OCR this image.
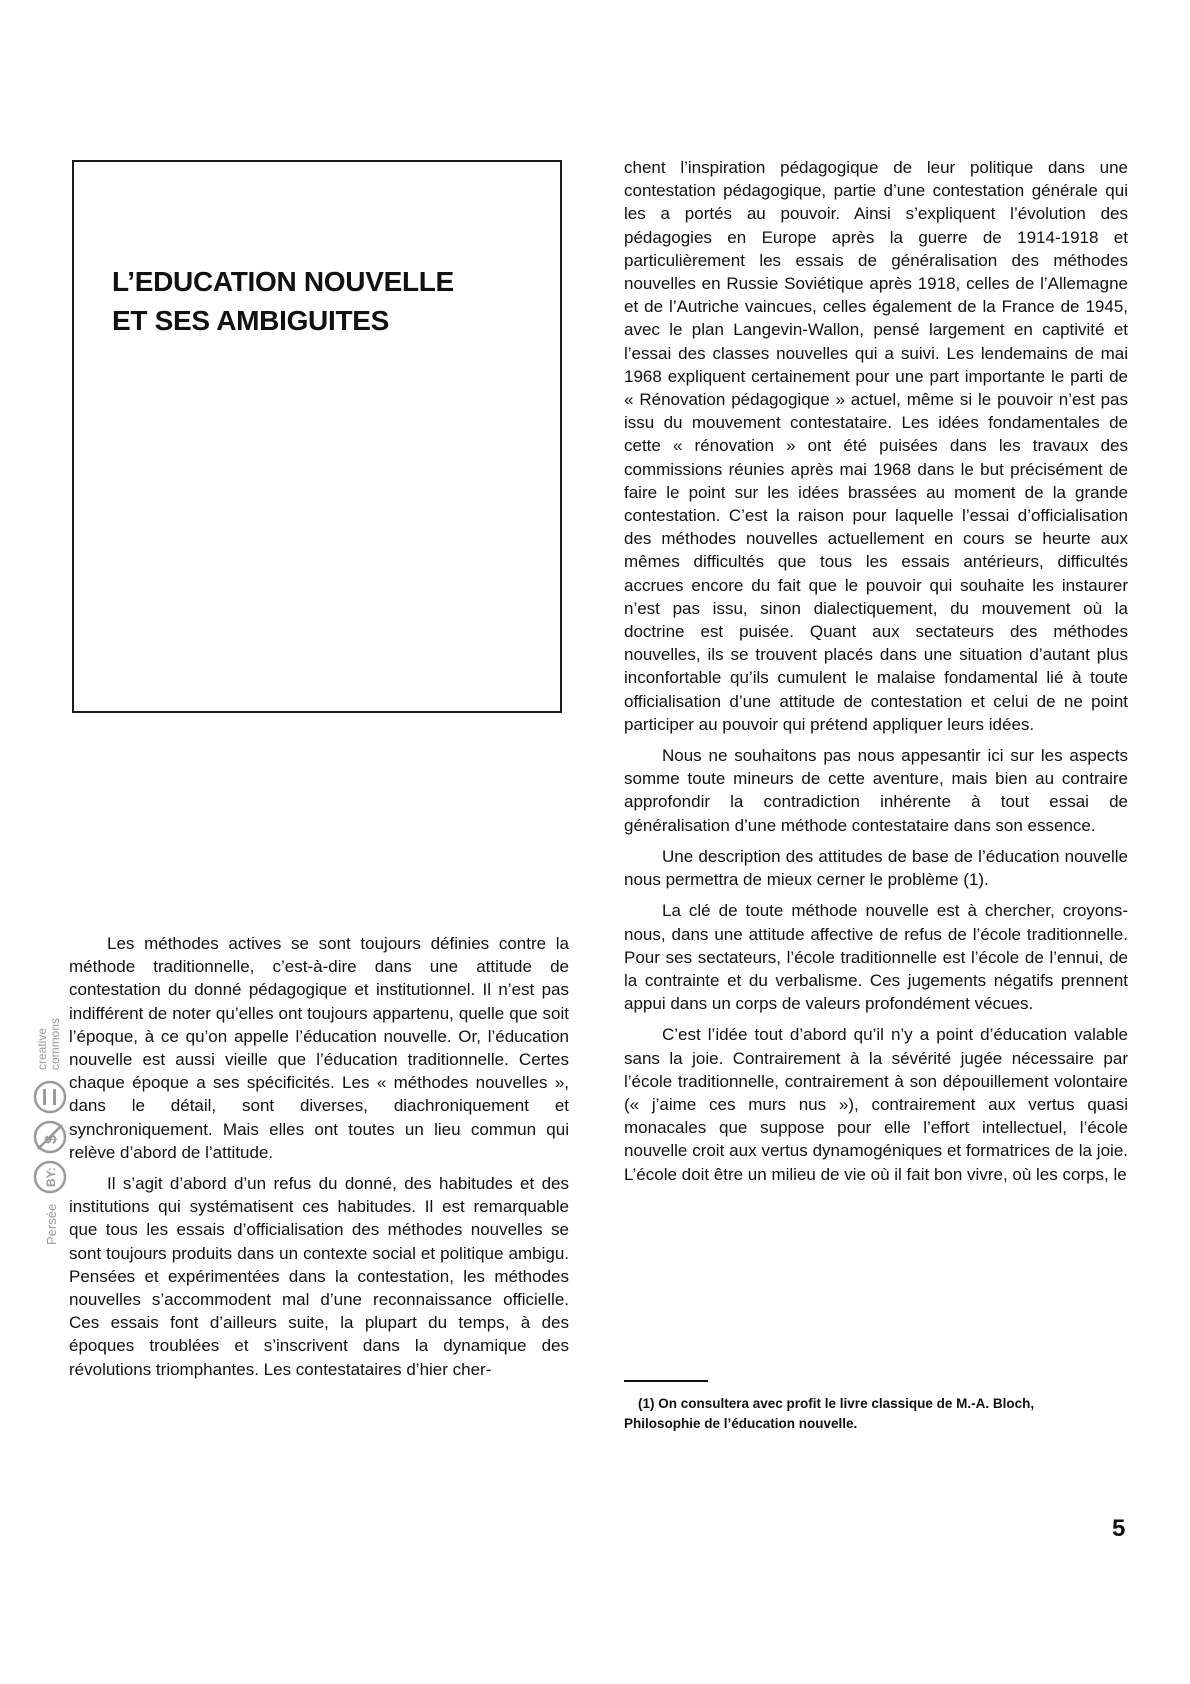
L’EDUCATION NOUVELLE
ET SES AMBIGUITES
Persée
BY:
$
creative commons

Les méthodes actives se sont toujours définies contre la méthode traditionnelle, c’est-à-dire dans une attitude de contestation du donné pédagogique et institutionnel. Il n’est pas indifférent de noter qu’elles ont toujours appartenu, quelle que soit l’époque, à ce qu’on appelle l’éducation nouvelle. Or, l’éducation nouvelle est aussi vieille que l’éducation traditionnelle. Certes chaque époque a ses spécificités. Les « méthodes nouvelles », dans le détail, sont diverses, diachroniquement et synchroniquement. Mais elles ont toutes un lieu commun qui relève d’abord de l’attitude.

Il s’agit d’abord d’un refus du donné, des habitudes et des institutions qui systématisent ces habitudes. Il est remarquable que tous les essais d’officialisation des méthodes nouvelles se sont toujours produits dans un contexte social et politique ambigu. Pensées et expérimentées dans la contestation, les méthodes nouvelles s’accommodent mal d’une reconnaissance officielle. Ces essais font d’ailleurs suite, la plupart du temps, à des époques troublées et s’inscrivent dans la dynamique des révolutions triomphantes. Les contestataires d’hier cher-

chent l’inspiration pédagogique de leur politique dans une contestation pédagogique, partie d’une contestation générale qui les a portés au pouvoir. Ainsi s’expliquent l’évolution des pédagogies en Europe après la guerre de 1914-1918 et particulièrement les essais de généralisation des méthodes nouvelles en Russie Soviétique après 1918, celles de l’Allemagne et de l’Autriche vaincues, celles également de la France de 1945, avec le plan Langevin-Wallon, pensé largement en captivité et l’essai des classes nouvelles qui a suivi. Les lendemains de mai 1968 expliquent certainement pour une part importante le parti de « Rénovation pédagogique » actuel, même si le pouvoir n’est pas issu du mouvement contestataire. Les idées fondamentales de cette « rénovation » ont été puisées dans les travaux des commissions réunies après mai 1968 dans le but précisément de faire le point sur les idées brassées au moment de la grande contestation. C’est la raison pour laquelle l’essai d’officialisation des méthodes nouvelles actuellement en cours se heurte aux mêmes difficultés que tous les essais antérieurs, difficultés accrues encore du fait que le pouvoir qui souhaite les instaurer n’est pas issu, sinon dialectiquement, du mouvement où la doctrine est puisée. Quant aux sectateurs des méthodes nouvelles, ils se trouvent placés dans une situation d’autant plus inconfortable qu’ils cumulent le malaise fondamental lié à toute officialisation d’une attitude de contestation et celui de ne point participer au pouvoir qui prétend appliquer leurs idées.

Nous ne souhaitons pas nous appesantir ici sur les aspects somme toute mineurs de cette aventure, mais bien au contraire approfondir la contradiction inhérente à tout essai de généralisation d’une méthode contestataire dans son essence.

Une description des attitudes de base de l’éducation nouvelle nous permettra de mieux cerner le problème (1).

La clé de toute méthode nouvelle est à chercher, croyons-nous, dans une attitude affective de refus de l’école traditionnelle. Pour ses sectateurs, l’école traditionnelle est l’école de l’ennui, de la contrainte et du verbalisme. Ces jugements négatifs prennent appui dans un corps de valeurs profondément vécues.

C’est l’idée tout d’abord qu’il n’y a point d’éducation valable sans la joie. Contrairement à la sévérité jugée nécessaire par l’école traditionnelle, contrairement à son dépouillement volontaire (« j’aime ces murs nus »), contrairement aux vertus quasi monacales que suppose pour elle l’effort intellectuel, l’école nouvelle croit aux vertus dynamogéniques et formatrices de la joie. L’école doit être un milieu de vie où il fait bon vivre, où les corps, le

(1) On consultera avec profit le livre classique de M.-A. Bloch,
Philosophie de l’éducation nouvelle.
5
